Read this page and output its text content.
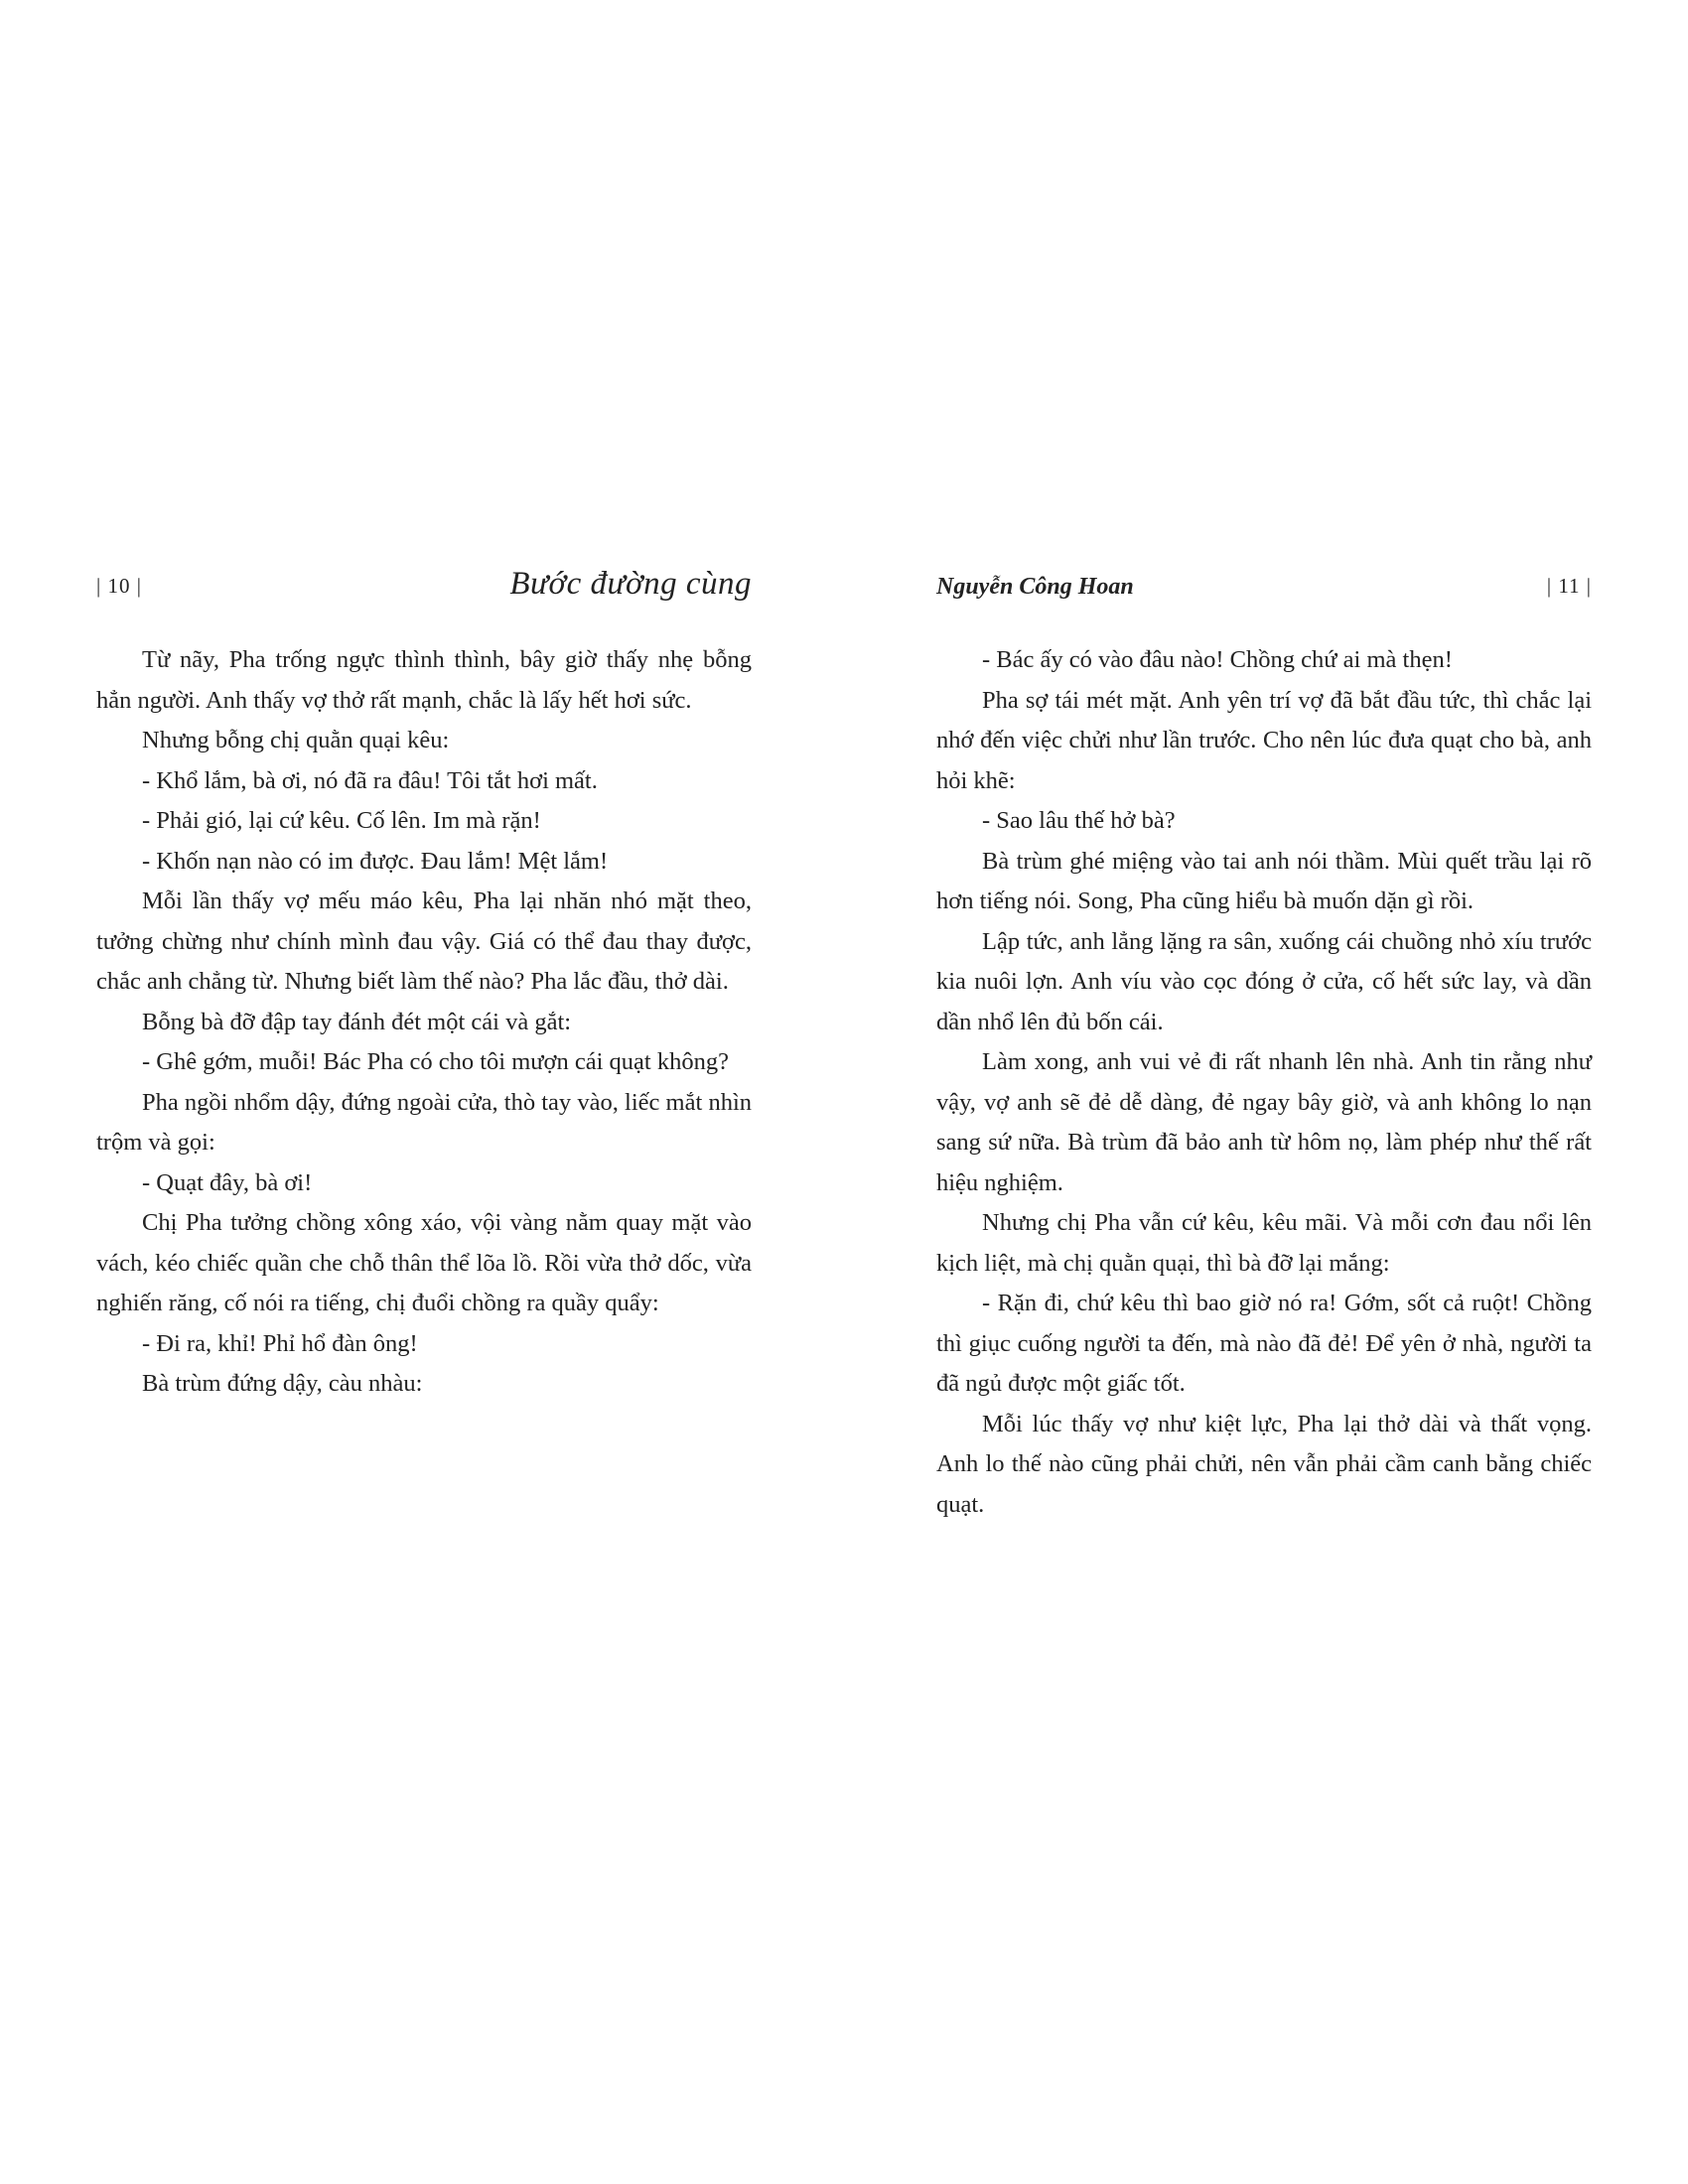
| 10 |	Bước đường cùng

Từ nãy, Pha trống ngực thình thình, bây giờ thấy nhẹ bỗng hẳn người. Anh thấy vợ thở rất mạnh, chắc là lấy hết hơi sức.

Nhưng bỗng chị quằn quại kêu:

- Khổ lắm, bà ơi, nó đã ra đâu! Tôi tắt hơi mất.

- Phải gió, lại cứ kêu. Cố lên. Im mà rặn!

- Khốn nạn nào có im được. Đau lắm! Mệt lắm!

Mỗi lần thấy vợ mếu máo kêu, Pha lại nhăn nhó mặt theo, tưởng chừng như chính mình đau vậy. Giá có thể đau thay được, chắc anh chẳng từ. Nhưng biết làm thế nào? Pha lắc đầu, thở dài.

Bỗng bà đỡ đập tay đánh đét một cái và gắt:

- Ghê gớm, muỗi! Bác Pha có cho tôi mượn cái quạt không?

Pha ngồi nhổm dậy, đứng ngoài cửa, thò tay vào, liếc mắt nhìn trộm và gọi:

- Quạt đây, bà ơi!

Chị Pha tưởng chồng xông xáo, vội vàng nằm quay mặt vào vách, kéo chiếc quần che chỗ thân thể lõa lồ. Rồi vừa thở dốc, vừa nghiến răng, cố nói ra tiếng, chị đuổi chồng ra quầy quẩy:

- Đi ra, khỉ! Phỉ hổ đàn ông!

Bà trùm đứng dậy, càu nhàu:

Nguyễn Công Hoan	| 11 |

- Bác ấy có vào đâu nào! Chồng chứ ai mà thẹn!

Pha sợ tái mét mặt. Anh yên trí vợ đã bắt đầu tức, thì chắc lại nhớ đến việc chửi như lần trước. Cho nên lúc đưa quạt cho bà, anh hỏi khẽ:

- Sao lâu thế hở bà?

Bà trùm ghé miệng vào tai anh nói thầm. Mùi quết trầu lại rõ hơn tiếng nói. Song, Pha cũng hiểu bà muốn dặn gì rồi.

Lập tức, anh lẳng lặng ra sân, xuống cái chuồng nhỏ xíu trước kia nuôi lợn. Anh víu vào cọc đóng ở cửa, cố hết sức lay, và dần dần nhổ lên đủ bốn cái.

Làm xong, anh vui vẻ đi rất nhanh lên nhà. Anh tin rằng như vậy, vợ anh sẽ đẻ dễ dàng, đẻ ngay bây giờ, và anh không lo nạn sang sứ nữa. Bà trùm đã bảo anh từ hôm nọ, làm phép như thế rất hiệu nghiệm.

Nhưng chị Pha vẫn cứ kêu, kêu mãi. Và mỗi cơn đau nổi lên kịch liệt, mà chị quằn quại, thì bà đỡ lại mắng:

- Rặn đi, chứ kêu thì bao giờ nó ra! Gớm, sốt cả ruột! Chồng thì giục cuống người ta đến, mà nào đã đẻ! Để yên ở nhà, người ta đã ngủ được một giấc tốt.

Mỗi lúc thấy vợ như kiệt lực, Pha lại thở dài và thất vọng. Anh lo thế nào cũng phải chửi, nên vẫn phải cầm canh bằng chiếc quạt.
